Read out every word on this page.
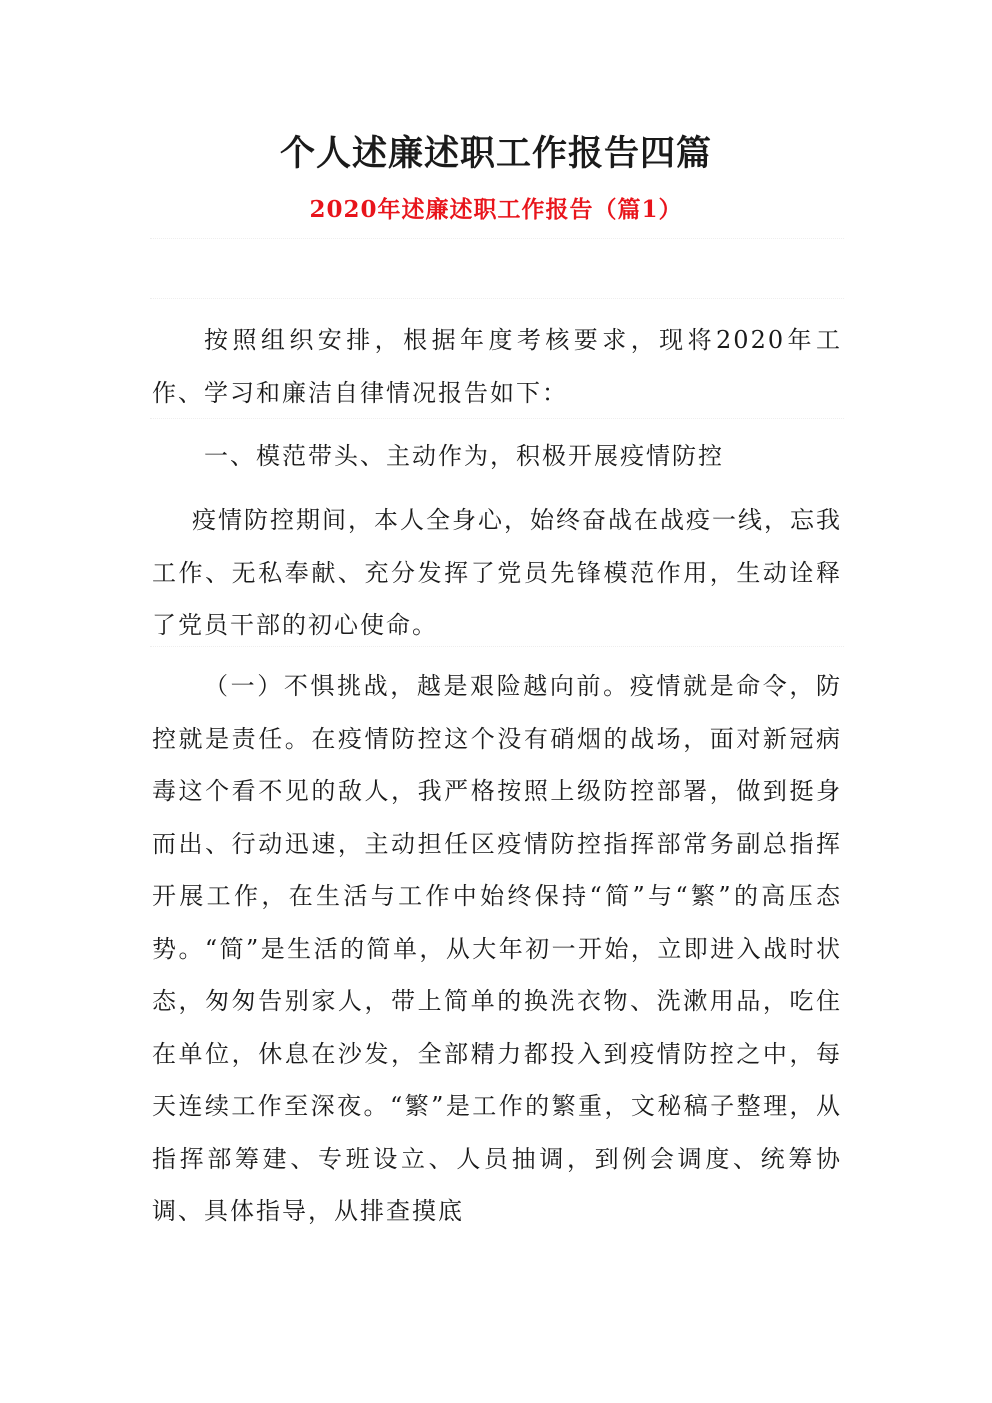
个人述廉述职工作报告四篇
2020年述廉述职工作报告（篇1）

按照组织安排，根据年度考核要求，现将2020年工作、学习和廉洁自律情况报告如下：

一、模范带头、主动作为，积极开展疫情防控

疫情防控期间，本人全身心，始终奋战在战疫一线，忘我工作、无私奉献、充分发挥了党员先锋模范作用，生动诠释了党员干部的初心使命。

（一）不惧挑战，越是艰险越向前。疫情就是命令，防控就是责任。在疫情防控这个没有硝烟的战场，面对新冠病毒这个看不见的敌人，我严格按照上级防控部署，做到挺身而出、行动迅速，主动担任区疫情防控指挥部常务副总指挥开展工作，在生活与工作中始终保持“简”与“繁”的高压态势。“简”是生活的简单，从大年初一开始，立即进入战时状态，匆匆告别家人，带上简单的换洗衣物、洗漱用品，吃住在单位，休息在沙发，全部精力都投入到疫情防控之中，每天连续工作至深夜。“繁”是工作的繁重，文秘稿子整理，从指挥部筹建、专班设立、人员抽调，到例会调度、统筹协调、具体指导，从排查摸底
